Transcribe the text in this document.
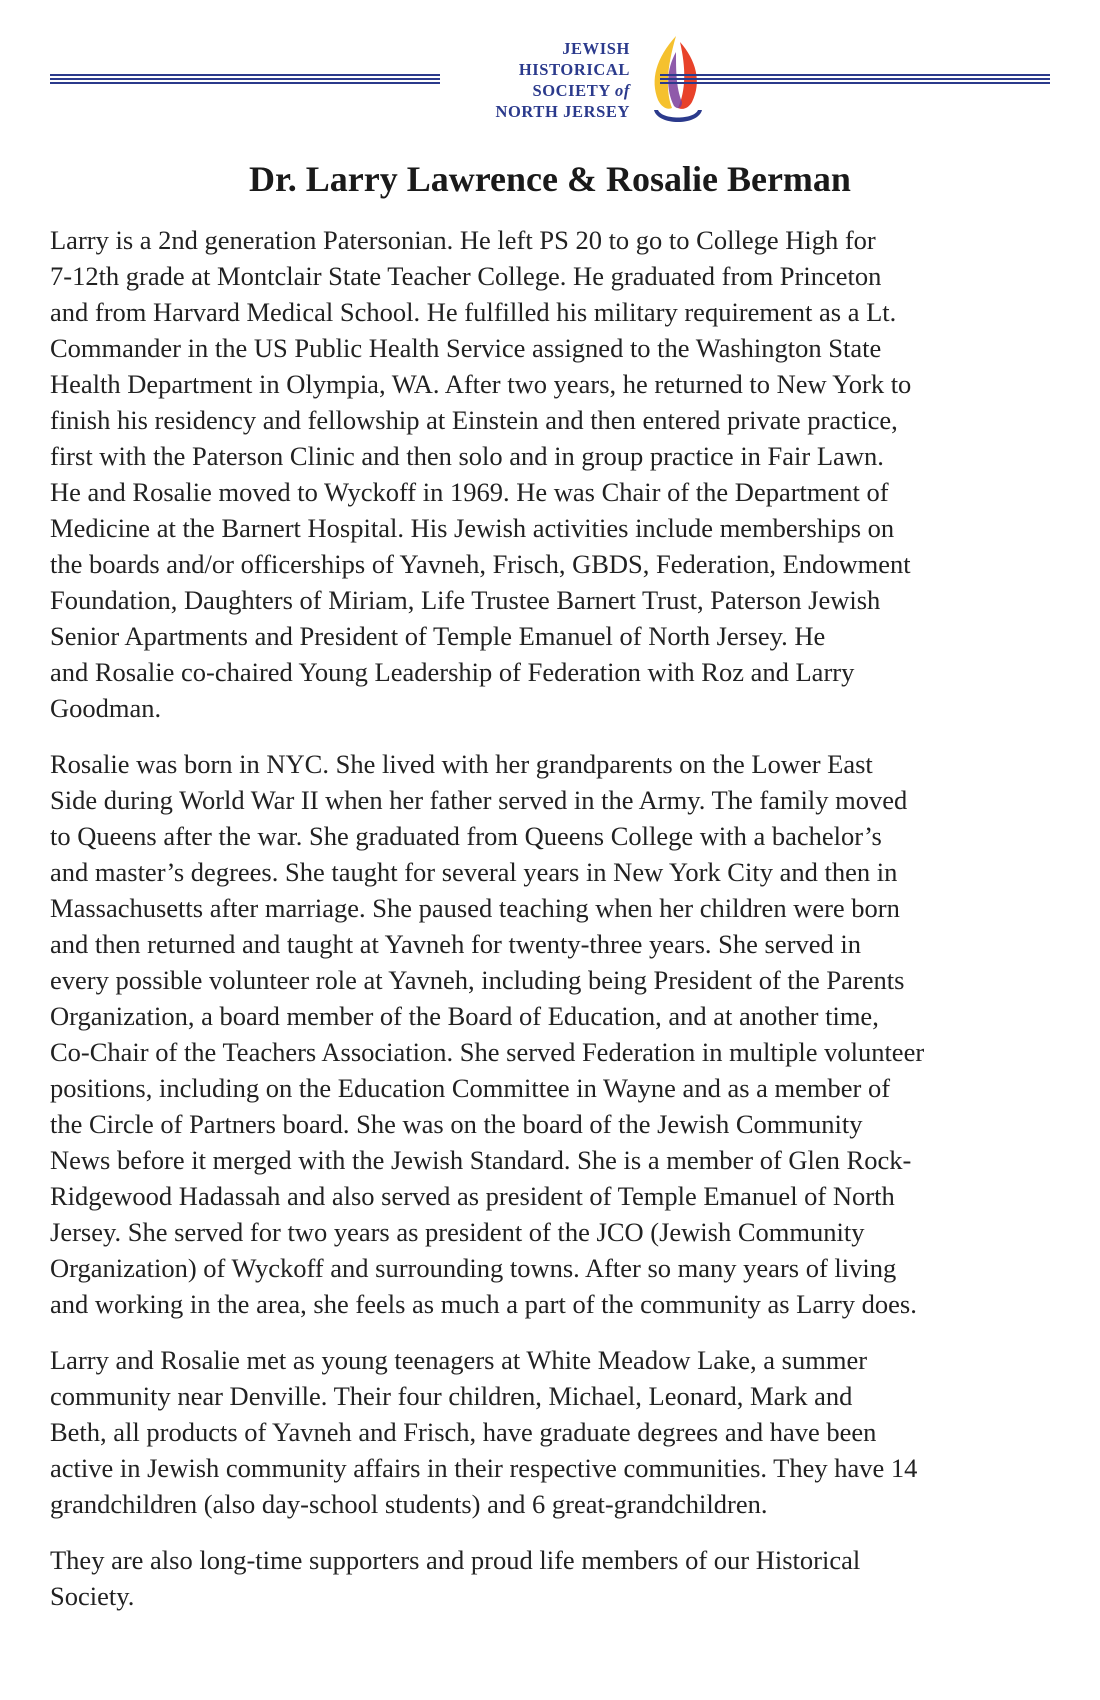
JEWISH
HISTORICAL
SOCIETY of
NORTH JERSEY
Dr. Larry Lawrence & Rosalie Berman

Larry is a 2nd generation Patersonian. He left PS 20 to go to College High for
7-12th grade at Montclair State Teacher College. He graduated from Princeton
and from Harvard Medical School. He fulfilled his military requirement as a Lt.
Commander in the US Public Health Service assigned to the Washington State
Health Department in Olympia, WA. After two years, he returned to New York to
finish his residency and fellowship at Einstein and then entered private practice,
first with the Paterson Clinic and then solo and in group practice in Fair Lawn.
He and Rosalie moved to Wyckoff in 1969. He was Chair of the Department of
Medicine at the Barnert Hospital. His Jewish activities include memberships on
the boards and/or officerships of Yavneh, Frisch, GBDS, Federation, Endowment
Foundation, Daughters of Miriam, Life Trustee Barnert Trust, Paterson Jewish
Senior Apartments and President of Temple Emanuel of North Jersey. He
and Rosalie co-chaired Young Leadership of Federation with Roz and Larry
Goodman.

Rosalie was born in NYC. She lived with her grandparents on the Lower East
Side during World War II when her father served in the Army. The family moved
to Queens after the war. She graduated from Queens College with a bachelor’s
and master’s degrees. She taught for several years in New York City and then in
Massachusetts after marriage. She paused teaching when her children were born
and then returned and taught at Yavneh for twenty-three years. She served in
every possible volunteer role at Yavneh, including being President of the Parents
Organization, a board member of the Board of Education, and at another time,
Co-Chair of the Teachers Association. She served Federation in multiple volunteer
positions, including on the Education Committee in Wayne and as a member of
the Circle of Partners board. She was on the board of the Jewish Community
News before it merged with the Jewish Standard. She is a member of Glen Rock-
Ridgewood Hadassah and also served as president of Temple Emanuel of North
Jersey. She served for two years as president of the JCO (Jewish Community
Organization) of Wyckoff and surrounding towns. After so many years of living
and working in the area, she feels as much a part of the community as Larry does.

Larry and Rosalie met as young teenagers at White Meadow Lake, a summer
community near Denville. Their four children, Michael, Leonard, Mark and
Beth, all products of Yavneh and Frisch, have graduate degrees and have been
active in Jewish community affairs in their respective communities. They have 14
grandchildren (also day-school students) and 6 great-grandchildren.

They are also long-time supporters and proud life members of our Historical
Society.
